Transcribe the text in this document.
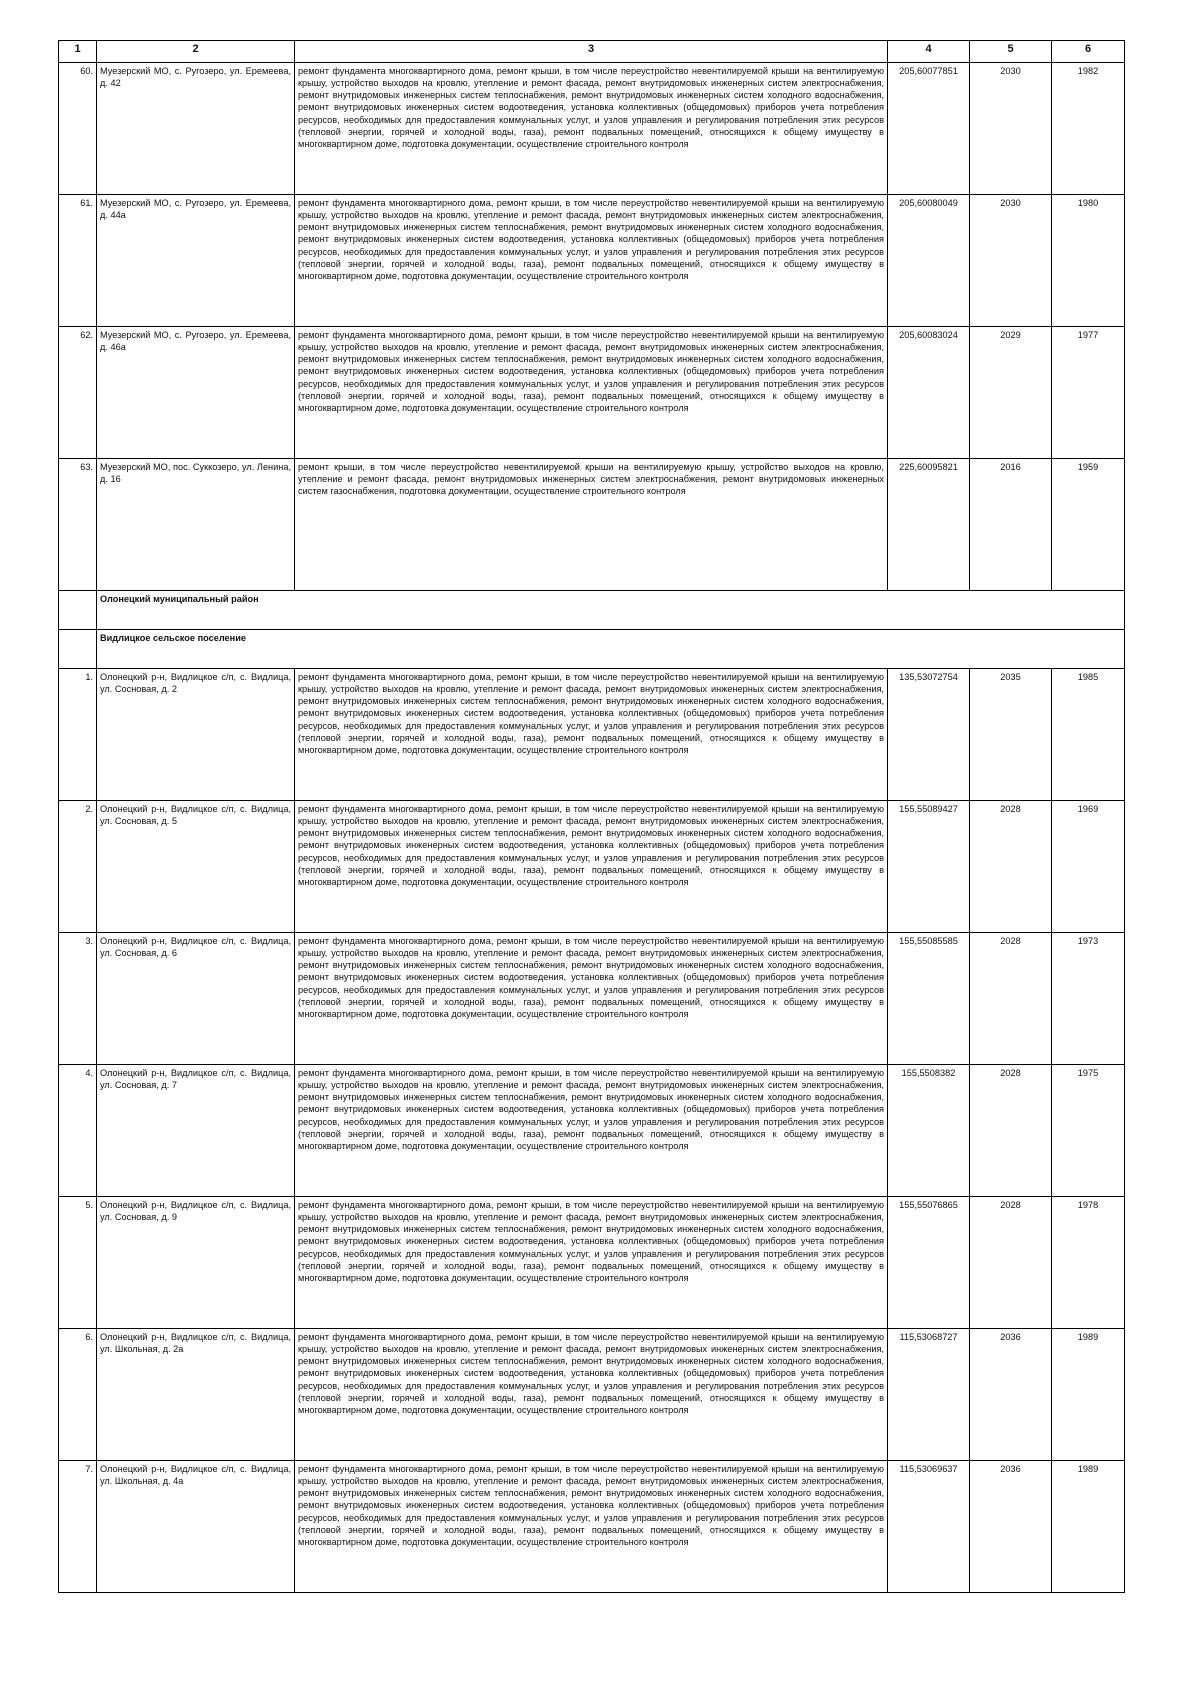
1	2	3	4	5	6
60.	Муезерский МО, с. Ругозеро, ул. Еремеева, д. 42	ремонт фундамента многоквартирного дома, ремонт крыши, в том числе переустройство невентилируемой крыши на вентилируемую крышу, устройство выходов на кровлю, утепление и ремонт фасада, ремонт внутридомовых инженерных систем электроснабжения, ремонт внутридомовых инженерных систем теплоснабжения, ремонт внутридомовых инженерных систем холодного водоснабжения, ремонт внутридомовых инженерных систем водоотведения, установка коллективных (общедомовых) приборов учета потребления ресурсов, необходимых для предоставления коммунальных услуг, и узлов управления и регулирования потребления этих ресурсов (тепловой энергии, горячей и холодной воды, газа), ремонт подвальных помещений, относящихся к общему имуществу в многоквартирном доме, подготовка документации, осуществление строительного контроля	205,60077851	2030	1982
61.	Муезерский МО, с. Ругозеро, ул. Еремеева, д. 44а	ремонт фундамента многоквартирного дома, ремонт крыши, в том числе переустройство невентилируемой крыши на вентилируемую крышу, устройство выходов на кровлю, утепление и ремонт фасада, ремонт внутридомовых инженерных систем электроснабжения, ремонт внутридомовых инженерных систем теплоснабжения, ремонт внутридомовых инженерных систем холодного водоснабжения, ремонт внутридомовых инженерных систем водоотведения, установка коллективных (общедомовых) приборов учета потребления ресурсов, необходимых для предоставления коммунальных услуг, и узлов управления и регулирования потребления этих ресурсов (тепловой энергии, горячей и холодной воды, газа), ремонт подвальных помещений, относящихся к общему имуществу в многоквартирном доме, подготовка документации, осуществление строительного контроля	205,60080049	2030	1980
62.	Муезерский МО, с. Ругозеро, ул. Еремеева, д. 46а	ремонт фундамента многоквартирного дома, ремонт крыши, в том числе переустройство невентилируемой крыши на вентилируемую крышу, устройство выходов на кровлю, утепление и ремонт фасада, ремонт внутридомовых инженерных систем электроснабжения, ремонт внутридомовых инженерных систем теплоснабжения, ремонт внутридомовых инженерных систем холодного водоснабжения, ремонт внутридомовых инженерных систем водоотведения, установка коллективных (общедомовых) приборов учета потребления ресурсов, необходимых для предоставления коммунальных услуг, и узлов управления и регулирования потребления этих ресурсов (тепловой энергии, горячей и холодной воды, газа), ремонт подвальных помещений, относящихся к общему имуществу в многоквартирном доме, подготовка документации, осуществление строительного контроля	205,60083024	2029	1977
63.	Муезерский МО, пос. Суккозеро, ул. Ленина, д. 16	ремонт крыши, в том числе переустройство невентилируемой крыши на вентилируемую крышу, устройство выходов на кровлю, утепление и ремонт фасада, ремонт внутридомовых инженерных систем электроснабжения, ремонт внутридомовых инженерных систем газоснабжения, подготовка документации, осуществление строительного контроля	225,60095821	2016	1959
	Олонецкий муниципальный район				
	Видлицкое сельское поселение				
1.	Олонецкий р-н, Видлицкое с/п, с. Видлица, ул. Сосновая, д. 2	ремонт фундамента многоквартирного дома, ремонт крыши, в том числе переустройство невентилируемой крыши на вентилируемую крышу, устройство выходов на кровлю, утепление и ремонт фасада, ремонт внутридомовых инженерных систем электроснабжения, ремонт внутридомовых инженерных систем теплоснабжения, ремонт внутридомовых инженерных систем холодного водоснабжения, ремонт внутридомовых инженерных систем водоотведения, установка коллективных (общедомовых) приборов учета потребления ресурсов, необходимых для предоставления коммунальных услуг, и узлов управления и регулирования потребления этих ресурсов (тепловой энергии, горячей и холодной воды, газа), ремонт подвальных помещений, относящихся к общему имуществу в многоквартирном доме, подготовка документации, осуществление строительного контроля	135,53072754	2035	1985
2.	Олонецкий р-н, Видлицкое с/п, с. Видлица, ул. Сосновая, д. 5	ремонт фундамента многоквартирного дома, ремонт крыши, в том числе переустройство невентилируемой крыши на вентилируемую крышу, устройство выходов на кровлю, утепление и ремонт фасада, ремонт внутридомовых инженерных систем электроснабжения, ремонт внутридомовых инженерных систем теплоснабжения, ремонт внутридомовых инженерных систем холодного водоснабжения, ремонт внутридомовых инженерных систем водоотведения, установка коллективных (общедомовых) приборов учета потребления ресурсов, необходимых для предоставления коммунальных услуг, и узлов управления и регулирования потребления этих ресурсов (тепловой энергии, горячей и холодной воды, газа), ремонт подвальных помещений, относящихся к общему имуществу в многоквартирном доме, подготовка документации, осуществление строительного контроля	155,55089427	2028	1969
3.	Олонецкий р-н, Видлицкое с/п, с. Видлица, ул. Сосновая, д. 6	ремонт фундамента многоквартирного дома, ремонт крыши, в том числе переустройство невентилируемой крыши на вентилируемую крышу, устройство выходов на кровлю, утепление и ремонт фасада, ремонт внутридомовых инженерных систем электроснабжения, ремонт внутридомовых инженерных систем теплоснабжения, ремонт внутридомовых инженерных систем холодного водоснабжения, ремонт внутридомовых инженерных систем водоотведения, установка коллективных (общедомовых) приборов учета потребления ресурсов, необходимых для предоставления коммунальных услуг, и узлов управления и регулирования потребления этих ресурсов (тепловой энергии, горячей и холодной воды, газа), ремонт подвальных помещений, относящихся к общему имуществу в многоквартирном доме, подготовка документации, осуществление строительного контроля	155,55085585	2028	1973
4.	Олонецкий р-н, Видлицкое с/п, с. Видлица, ул. Сосновая, д. 7	ремонт фундамента многоквартирного дома, ремонт крыши, в том числе переустройство невентилируемой крыши на вентилируемую крышу, устройство выходов на кровлю, утепление и ремонт фасада, ремонт внутридомовых инженерных систем электроснабжения, ремонт внутридомовых инженерных систем теплоснабжения, ремонт внутридомовых инженерных систем холодного водоснабжения, ремонт внутридомовых инженерных систем водоотведения, установка коллективных (общедомовых) приборов учета потребления ресурсов, необходимых для предоставления коммунальных услуг, и узлов управления и регулирования потребления этих ресурсов (тепловой энергии, горячей и холодной воды, газа), ремонт подвальных помещений, относящихся к общему имуществу в многоквартирном доме, подготовка документации, осуществление строительного контроля	155,5508382	2028	1975
5.	Олонецкий р-н, Видлицкое с/п, с. Видлица, ул. Сосновая, д. 9	ремонт фундамента многоквартирного дома, ремонт крыши, в том числе переустройство невентилируемой крыши на вентилируемую крышу, устройство выходов на кровлю, утепление и ремонт фасада, ремонт внутридомовых инженерных систем электроснабжения, ремонт внутридомовых инженерных систем теплоснабжения, ремонт внутридомовых инженерных систем холодного водоснабжения, ремонт внутридомовых инженерных систем водоотведения, установка коллективных (общедомовых) приборов учета потребления ресурсов, необходимых для предоставления коммунальных услуг, и узлов управления и регулирования потребления этих ресурсов (тепловой энергии, горячей и холодной воды, газа), ремонт подвальных помещений, относящихся к общему имуществу в многоквартирном доме, подготовка документации, осуществление строительного контроля	155,55076865	2028	1978
6.	Олонецкий р-н, Видлицкое с/п, с. Видлица, ул. Школьная, д. 2а	ремонт фундамента многоквартирного дома, ремонт крыши, в том числе переустройство невентилируемой крыши на вентилируемую крышу, устройство выходов на кровлю, утепление и ремонт фасада, ремонт внутридомовых инженерных систем электроснабжения, ремонт внутридомовых инженерных систем теплоснабжения, ремонт внутридомовых инженерных систем холодного водоснабжения, ремонт внутридомовых инженерных систем водоотведения, установка коллективных (общедомовых) приборов учета потребления ресурсов, необходимых для предоставления коммунальных услуг, и узлов управления и регулирования потребления этих ресурсов (тепловой энергии, горячей и холодной воды, газа), ремонт подвальных помещений, относящихся к общему имуществу в многоквартирном доме, подготовка документации, осуществление строительного контроля	115,53068727	2036	1989
7.	Олонецкий р-н, Видлицкое с/п, с. Видлица, ул. Школьная, д. 4а	ремонт фундамента многоквартирного дома, ремонт крыши, в том числе переустройство невентилируемой крыши на вентилируемую крышу, устройство выходов на кровлю, утепление и ремонт фасада, ремонт внутридомовых инженерных систем электроснабжения, ремонт внутридомовых инженерных систем теплоснабжения, ремонт внутридомовых инженерных систем холодного водоснабжения, ремонт внутридомовых инженерных систем водоотведения, установка коллективных (общедомовых) приборов учета потребления ресурсов, необходимых для предоставления коммунальных услуг, и узлов управления и регулирования потребления этих ресурсов (тепловой энергии, горячей и холодной воды, газа), ремонт подвальных помещений, относящихся к общему имуществу в многоквартирном доме, подготовка документации, осуществление строительного контроля	115,53069637	2036	1989
